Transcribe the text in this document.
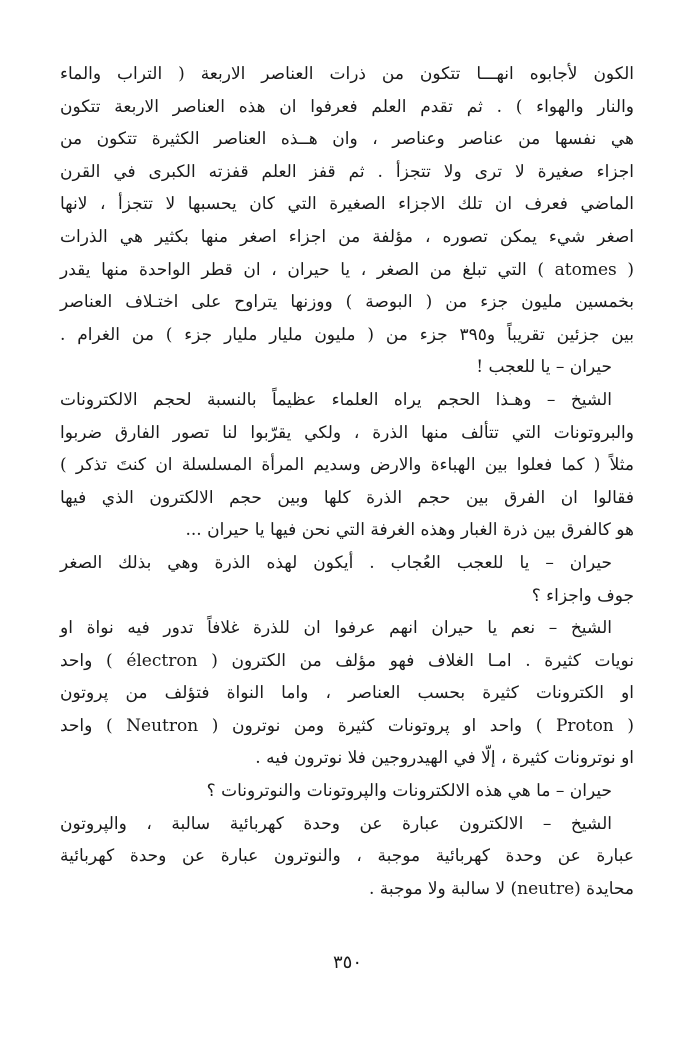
الكون لأجابوه انهـــا تتكون من ذرات العناصر الاربعة ( التراب والماء
والنار والهواء ) . ثم تقدم العلم فعرفوا ان هذه العناصر الاربعة تتكون
هي نفسها من عناصر وعناصر ، وان هــذه العناصر الكثيرة تتكون من
اجزاء صغيرة لا ترى ولا تتجزأ . ثم قفز العلم قفزته الكبرى في القرن
الماضي فعرف ان تلك الاجزاء الصغيرة التي كان يحسبها لا تتجزأ ، لانها
اصغر شيء يمكن تصوره ، مؤلفة من اجزاء اصغر منها بكثير هي الذرات
( atomes ) التي تبلغ من الصغر ، يا حيران ، ان قطر الواحدة منها يقدر
بخمسين مليون جزء من ( البوصة ) ووزنها يتراوح على اختـلاف العناصر
بين جزئين تقريباً و٣٩٥ جزء من ( مليون مليار مليار جزء ) من الغرام .
حيران – يا للعجب !
الشيخ – وهـذا الحجم يراه العلماء عظيماً بالنسبة لحجم الالكترونات
والبروتونات التي تتألف منها الذرة ، ولكي يقرّبوا لنا تصور الفارق ضربوا
مثلاً ( كما فعلوا بين الهباءة والارض وسديم المرأة المسلسلة ان كنتَ تذكر )
فقالوا ان الفرق بين حجم الذرة كلها وبين حجم الالكترون الذي فيها
هو كالفرق بين ذرة الغبار وهذه الغرفة التي نحن فيها يا حيران ...
حيران – يا للعجب العُجاب . أيكون لهذه الذرة وهي بذلك الصغر
جوف واجزاء ؟
الشيخ – نعم يا حيران انهم عرفوا ان للذرة غلافاً تدور فيه نواة او
نويات كثيرة . امـا الغلاف فهو مؤلف من الكترون ( électron ) واحد
او الكترونات كثيرة بحسب العناصر ، واما النواة فتؤلف من پروتون
( Proton ) واحد او پروتونات كثيرة ومن نوترون ( Neutron ) واحد
او نوترونات كثيرة ، إلّا في الهيدروجين فلا نوترون فيه .
حيران – ما هي هذه الالكترونات والپروتونات والنوترونات ؟
الشيخ – الالكترون عبارة عن وحدة كهربائية سالبة ، والپروتون
عبارة عن وحدة كهربائية موجبة ، والنوترون عبارة عن وحدة كهربائية
محايدة (neutre) لا سالبة ولا موجبة .
٣٥٠
